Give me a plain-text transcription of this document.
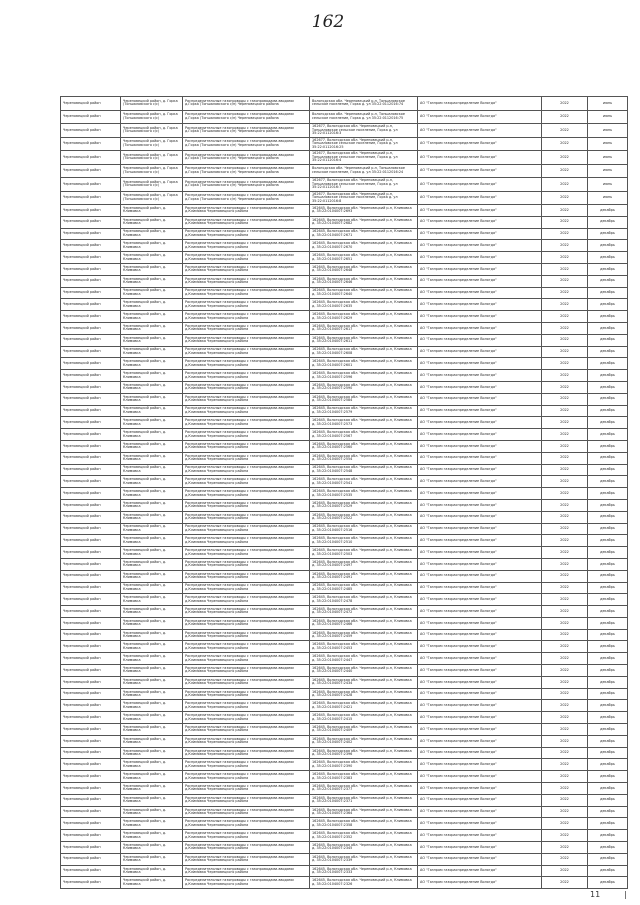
162
Череповецкий район	Череповецкий район, д. Горка (Тоншаловского с/с)	Распределительные газопроводы с газопроводами-вводами д.Горка (Тоншаловского с/п) Череповецкого района	Вологодская обл. Череповецкий р-н, Тоншаловское сельское поселение, Горка д. ул 35:22:0112016:74	АО "Газпром газораспределение Вологда"	2022	июнь
Череповецкий район	Череповецкий район, д. Горка (Тоншаловского с/с)	Распределительные газопроводы с газопроводами-вводами д.Горка (Тоншаловского с/п) Череповецкого района	Вологодская обл. Череповецкий р-н, Тоншаловское сельское поселение, Горка д. ул 35:22:0112016:75	АО "Газпром газораспределение Вологда"	2022	июнь
Череповецкий район	Череповецкий район, д. Горка (Тоншаловского с/с)	Распределительные газопроводы с газопроводами-вводами д.Горка (Тоншаловского с/п) Череповецкого района	162677, Вологодская обл. Череповецкий р-н, Тоншаловское сельское поселение, Горка д. ул 35:22:0112016:3	АО "Газпром газораспределение Вологда"	2022	июнь
Череповецкий район	Череповецкий район, д. Горка (Тоншаловского с/с)	Распределительные газопроводы с газопроводами-вводами д.Горка (Тоншаловского с/п) Череповецкого района	162677, Вологодская обл. Череповецкий р-н, Тоншаловское сельское поселение, Горка д. ул 35:22:0112016:25	АО "Газпром газораспределение Вологда"	2022	июнь
Череповецкий район	Череповецкий район, д. Горка (Тоншаловского с/с)	Распределительные газопроводы с газопроводами-вводами д.Горка (Тоншаловского с/п) Череповецкого района	162677, Вологодская обл. Череповецкий р-н, Тоншаловское сельское поселение, Горка д. ул 35:22:0112016:4	АО "Газпром газораспределение Вологда"	2022	июнь
Череповецкий район	Череповецкий район, д. Горка (Тоншаловского с/с)	Распределительные газопроводы с газопроводами-вводами д.Горка (Тоншаловского с/п) Череповецкого района	Вологодская обл. Череповецкий р-н, Тоншаловское сельское поселение, Горка д. ул 35:22:0112016:24	АО "Газпром газораспределение Вологда"	2022	июнь
Череповецкий район	Череповецкий район, д. Горка (Тоншаловского с/с)	Распределительные газопроводы с газопроводами-вводами д.Горка (Тоншаловского с/п) Череповецкого района	162677, Вологодская обл. Череповецкий р-н, Тоншаловское сельское поселение, Горка д. ул 35:22:0112016:7	АО "Газпром газораспределение Вологда"	2022	июнь
Череповецкий район	Череповецкий район, д. Горка (Тоншаловского с/с)	Распределительные газопроводы с газопроводами-вводами д.Горка (Тоншаловского с/п) Череповецкого района	162677, Вологодская обл. Череповецкий р-н, Тоншаловское сельское поселение, Горка д. ул 35:22:0112016:8	АО "Газпром газораспределение Вологда"	2022	июнь
Череповецкий район	Череповецкий район, д. Климовка	Распределительные газопроводы с газопроводами-вводами д.Климовка Череповецкого района	162645, Вологодская обл. Череповецкий р-н, Климовка д. 35:22:0104007:2693	АО "Газпром газораспределение Вологда"	2022	декабрь
Череповецкий район	Череповецкий район, д. Климовка	Распределительные газопроводы с газопроводами-вводами д.Климовка Череповецкого района	162645, Вологодская обл. Череповецкий р-н, Климовка д. 35:22:0104007:2682	АО "Газпром газораспределение Вологда"	2022	декабрь
Череповецкий район	Череповецкий район, д. Климовка	Распределительные газопроводы с газопроводами-вводами д.Климовка Череповецкого района	162645, Вологодская обл. Череповецкий р-н, Климовка д. 35:22:0104007:2671	АО "Газпром газораспределение Вологда"	2022	декабрь
Череповецкий район	Череповецкий район, д. Климовка	Распределительные газопроводы с газопроводами-вводами д.Климовка Череповецкого района	162645, Вологодская обл. Череповецкий р-н, Климовка д. 35:22:0104007:2670	АО "Газпром газораспределение Вологда"	2022	декабрь
Череповецкий район	Череповецкий район, д. Климовка	Распределительные газопроводы с газопроводами-вводами д.Климовка Череповецкого района	162645, Вологодская обл. Череповецкий р-н, Климовка д. 35:22:0104007:2651	АО "Газпром газораспределение Вологда"	2022	декабрь
Череповецкий район	Череповецкий район, д. Климовка	Распределительные газопроводы с газопроводами-вводами д.Климовка Череповецкого района	162645, Вологодская обл. Череповецкий р-н, Климовка д. 35:22:0104007:2648	АО "Газпром газораспределение Вологда"	2022	декабрь
Череповецкий район	Череповецкий район, д. Климовка	Распределительные газопроводы с газопроводами-вводами д.Климовка Череповецкого района	162645, Вологодская обл. Череповецкий р-н, Климовка д. 35:22:0104007:2646	АО "Газпром газораспределение Вологда"	2022	декабрь
Череповецкий район	Череповецкий район, д. Климовка	Распределительные газопроводы с газопроводами-вводами д.Климовка Череповецкого района	162645, Вологодская обл. Череповецкий р-н, Климовка д. 35:22:0104007:2640	АО "Газпром газораспределение Вологда"	2022	декабрь
Череповецкий район	Череповецкий район, д. Климовка	Распределительные газопроводы с газопроводами-вводами д.Климовка Череповецкого района	162645, Вологодская обл. Череповецкий р-н, Климовка д. 35:22:0104007:2635	АО "Газпром газораспределение Вологда"	2022	декабрь
Череповецкий район	Череповецкий район, д. Климовка	Распределительные газопроводы с газопроводами-вводами д.Климовка Череповецкого района	162645, Вологодская обл. Череповецкий р-н, Климовка д. 35:22:0104007:2629	АО "Газпром газораспределение Вологда"	2022	декабрь
Череповецкий район	Череповецкий район, д. Климовка	Распределительные газопроводы с газопроводами-вводами д.Климовка Череповецкого района	162645, Вологодская обл. Череповецкий р-н, Климовка д. 35:22:0104007:2617	АО "Газпром газораспределение Вологда"	2022	декабрь
Череповецкий район	Череповецкий район, д. Климовка	Распределительные газопроводы с газопроводами-вводами д.Климовка Череповецкого района	162645, Вологодская обл. Череповецкий р-н, Климовка д. 35:22:0104007:2611	АО "Газпром газораспределение Вологда"	2022	декабрь
Череповецкий район	Череповецкий район, д. Климовка	Распределительные газопроводы с газопроводами-вводами д.Климовка Череповецкого района	162645, Вологодская обл. Череповецкий р-н, Климовка д. 35:22:0104007:2608	АО "Газпром газораспределение Вологда"	2022	декабрь
Череповецкий район	Череповецкий район, д. Климовка	Распределительные газопроводы с газопроводами-вводами д.Климовка Череповецкого района	162645, Вологодская обл. Череповецкий р-н, Климовка д. 35:22:0104007:2601	АО "Газпром газораспределение Вологда"	2022	декабрь
Череповецкий район	Череповецкий район, д. Климовка	Распределительные газопроводы с газопроводами-вводами д.Климовка Череповецкого района	162645, Вологодская обл. Череповецкий р-н, Климовка д. 35:22:0104007:2596	АО "Газпром газораспределение Вологда"	2022	декабрь
Череповецкий район	Череповецкий район, д. Климовка	Распределительные газопроводы с газопроводами-вводами д.Климовка Череповецкого района	162645, Вологодская обл. Череповецкий р-н, Климовка д. 35:22:0104007:2590	АО "Газпром газораспределение Вологда"	2022	декабрь
Череповецкий район	Череповецкий район, д. Климовка	Распределительные газопроводы с газопроводами-вводами д.Климовка Череповецкого района	162645, Вологодская обл. Череповецкий р-н, Климовка д. 35:22:0104007:2584	АО "Газпром газораспределение Вологда"	2022	декабрь
Череповецкий район	Череповецкий район, д. Климовка	Распределительные газопроводы с газопроводами-вводами д.Климовка Череповецкого района	162645, Вологодская обл. Череповецкий р-н, Климовка д. 35:22:0104007:2579	АО "Газпром газораспределение Вологда"	2022	декабрь
Череповецкий район	Череповецкий район, д. Климовка	Распределительные газопроводы с газопроводами-вводами д.Климовка Череповецкого района	162645, Вологодская обл. Череповецкий р-н, Климовка д. 35:22:0104007:2573	АО "Газпром газораспределение Вологда"	2022	декабрь
Череповецкий район	Череповецкий район, д. Климовка	Распределительные газопроводы с газопроводами-вводами д.Климовка Череповецкого района	162645, Вологодская обл. Череповецкий р-н, Климовка д. 35:22:0104007:2567	АО "Газпром газораспределение Вологда"	2022	декабрь
Череповецкий район	Череповецкий район, д. Климовка	Распределительные газопроводы с газопроводами-вводами д.Климовка Череповецкого района	162645, Вологодская обл. Череповецкий р-н, Климовка д. 35:22:0104007:2560	АО "Газпром газораспределение Вологда"	2022	декабрь
Череповецкий район	Череповецкий район, д. Климовка	Распределительные газопроводы с газопроводами-вводами д.Климовка Череповецкого района	162645, Вологодская обл. Череповецкий р-н, Климовка д. 35:22:0104007:2554	АО "Газпром газораспределение Вологда"	2022	декабрь
Череповецкий район	Череповецкий район, д. Климовка	Распределительные газопроводы с газопроводами-вводами д.Климовка Череповецкого района	162645, Вологодская обл. Череповецкий р-н, Климовка д. 35:22:0104007:2548	АО "Газпром газораспределение Вологда"	2022	декабрь
Череповецкий район	Череповецкий район, д. Климовка	Распределительные газопроводы с газопроводами-вводами д.Климовка Череповецкого района	162645, Вологодская обл. Череповецкий р-н, Климовка д. 35:22:0104007:2541	АО "Газпром газораспределение Вологда"	2022	декабрь
Череповецкий район	Череповецкий район, д. Климовка	Распределительные газопроводы с газопроводами-вводами д.Климовка Череповецкого района	162645, Вологодская обл. Череповецкий р-н, Климовка д. 35:22:0104007:2535	АО "Газпром газораспределение Вологда"	2022	декабрь
Череповецкий район	Череповецкий район, д. Климовка	Распределительные газопроводы с газопроводами-вводами д.Климовка Череповецкого района	162645, Вологодская обл. Череповецкий р-н, Климовка д. 35:22:0104007:2529	АО "Газпром газораспределение Вологда"	2022	декабрь
Череповецкий район	Череповецкий район, д. Климовка	Распределительные газопроводы с газопроводами-вводами д.Климовка Череповецкого района	162645, Вологодская обл. Череповецкий р-н, Климовка д. 35:22:0104007:2522	АО "Газпром газораспределение Вологда"	2022	декабрь
Череповецкий район	Череповецкий район, д. Климовка	Распределительные газопроводы с газопроводами-вводами д.Климовка Череповецкого района	162645, Вологодская обл. Череповецкий р-н, Климовка д. 35:22:0104007:2516	АО "Газпром газораспределение Вологда"	2022	декабрь
Череповецкий район	Череповецкий район, д. Климовка	Распределительные газопроводы с газопроводами-вводами д.Климовка Череповецкого района	162645, Вологодская обл. Череповецкий р-н, Климовка д. 35:22:0104007:2510	АО "Газпром газораспределение Вологда"	2022	декабрь
Череповецкий район	Череповецкий район, д. Климовка	Распределительные газопроводы с газопроводами-вводами д.Климовка Череповецкого района	162645, Вологодская обл. Череповецкий р-н, Климовка д. 35:22:0104007:2503	АО "Газпром газораспределение Вологда"	2022	декабрь
Череповецкий район	Череповецкий район, д. Климовка	Распределительные газопроводы с газопроводами-вводами д.Климовка Череповецкого района	162645, Вологодская обл. Череповецкий р-н, Климовка д. 35:22:0104007:2497	АО "Газпром газораспределение Вологда"	2022	декабрь
Череповецкий район	Череповецкий район, д. Климовка	Распределительные газопроводы с газопроводами-вводами д.Климовка Череповецкого района	162645, Вологодская обл. Череповецкий р-н, Климовка д. 35:22:0104007:2491	АО "Газпром газораспределение Вологда"	2022	декабрь
Череповецкий район	Череповецкий район, д. Климовка	Распределительные газопроводы с газопроводами-вводами д.Климовка Череповецкого района	162645, Вологодская обл. Череповецкий р-н, Климовка д. 35:22:0104007:2485	АО "Газпром газораспределение Вологда"	2022	декабрь
Череповецкий район	Череповецкий район, д. Климовка	Распределительные газопроводы с газопроводами-вводами д.Климовка Череповецкого района	162645, Вологодская обл. Череповецкий р-н, Климовка д. 35:22:0104007:2478	АО "Газпром газораспределение Вологда"	2022	декабрь
Череповецкий район	Череповецкий район, д. Климовка	Распределительные газопроводы с газопроводами-вводами д.Климовка Череповецкого района	162645, Вологодская обл. Череповецкий р-н, Климовка д. 35:22:0104007:2472	АО "Газпром газораспределение Вологда"	2022	декабрь
Череповецкий район	Череповецкий район, д. Климовка	Распределительные газопроводы с газопроводами-вводами д.Климовка Череповецкого района	162645, Вологодская обл. Череповецкий р-н, Климовка д. 35:22:0104007:2466	АО "Газпром газораспределение Вологда"	2022	декабрь
Череповецкий район	Череповецкий район, д. Климовка	Распределительные газопроводы с газопроводами-вводами д.Климовка Череповецкого района	162645, Вологодская обл. Череповецкий р-н, Климовка д. 35:22:0104007:2459	АО "Газпром газораспределение Вологда"	2022	декабрь
Череповецкий район	Череповецкий район, д. Климовка	Распределительные газопроводы с газопроводами-вводами д.Климовка Череповецкого района	162645, Вологодская обл. Череповецкий р-н, Климовка д. 35:22:0104007:2453	АО "Газпром газораспределение Вологда"	2022	декабрь
Череповецкий район	Череповецкий район, д. Климовка	Распределительные газопроводы с газопроводами-вводами д.Климовка Череповецкого района	162645, Вологодская обл. Череповецкий р-н, Климовка д. 35:22:0104007:2447	АО "Газпром газораспределение Вологда"	2022	декабрь
Череповецкий район	Череповецкий район, д. Климовка	Распределительные газопроводы с газопроводами-вводами д.Климовка Череповецкого района	162645, Вологодская обл. Череповецкий р-н, Климовка д. 35:22:0104007:2440	АО "Газпром газораспределение Вологда"	2022	декабрь
Череповецкий район	Череповецкий район, д. Климовка	Распределительные газопроводы с газопроводами-вводами д.Климовка Череповецкого района	162645, Вологодская обл. Череповецкий р-н, Климовка д. 35:22:0104007:2434	АО "Газпром газораспределение Вологда"	2022	декабрь
Череповецкий район	Череповецкий район, д. Климовка	Распределительные газопроводы с газопроводами-вводами д.Климовка Череповецкого района	162645, Вологодская обл. Череповецкий р-н, Климовка д. 35:22:0104007:2428	АО "Газпром газораспределение Вологда"	2022	декабрь
Череповецкий район	Череповецкий район, д. Климовка	Распределительные газопроводы с газопроводами-вводами д.Климовка Череповецкого района	162645, Вологодская обл. Череповецкий р-н, Климовка д. 35:22:0104007:2421	АО "Газпром газораспределение Вологда"	2022	декабрь
Череповецкий район	Череповецкий район, д. Климовка	Распределительные газопроводы с газопроводами-вводами д.Климовка Череповецкого района	162645, Вологодская обл. Череповецкий р-н, Климовка д. 35:22:0104007:2415	АО "Газпром газораспределение Вологда"	2022	декабрь
Череповецкий район	Череповецкий район, д. Климовка	Распределительные газопроводы с газопроводами-вводами д.Климовка Череповецкого района	162645, Вологодская обл. Череповецкий р-н, Климовка д. 35:22:0104007:2409	АО "Газпром газораспределение Вологда"	2022	декабрь
Череповецкий район	Череповецкий район, д. Климовка	Распределительные газопроводы с газопроводами-вводами д.Климовка Череповецкого района	162645, Вологодская обл. Череповецкий р-н, Климовка д. 35:22:0104007:2402	АО "Газпром газораспределение Вологда"	2022	декабрь
Череповецкий район	Череповецкий район, д. Климовка	Распределительные газопроводы с газопроводами-вводами д.Климовка Череповецкого района	162645, Вологодская обл. Череповецкий р-н, Климовка д. 35:22:0104007:2396	АО "Газпром газораспределение Вологда"	2022	декабрь
Череповецкий район	Череповецкий район, д. Климовка	Распределительные газопроводы с газопроводами-вводами д.Климовка Череповецкого района	162645, Вологодская обл. Череповецкий р-н, Климовка д. 35:22:0104007:2390	АО "Газпром газораспределение Вологда"	2022	декабрь
Череповецкий район	Череповецкий район, д. Климовка	Распределительные газопроводы с газопроводами-вводами д.Климовка Череповецкого района	162645, Вологодская обл. Череповецкий р-н, Климовка д. 35:22:0104007:2383	АО "Газпром газораспределение Вологда"	2022	декабрь
Череповецкий район	Череповецкий район, д. Климовка	Распределительные газопроводы с газопроводами-вводами д.Климовка Череповецкого района	162645, Вологодская обл. Череповецкий р-н, Климовка д. 35:22:0104007:2377	АО "Газпром газораспределение Вологда"	2022	декабрь
Череповецкий район	Череповецкий район, д. Климовка	Распределительные газопроводы с газопроводами-вводами д.Климовка Череповецкого района	162645, Вологодская обл. Череповецкий р-н, Климовка д. 35:22:0104007:2371	АО "Газпром газораспределение Вологда"	2022	декабрь
Череповецкий район	Череповецкий район, д. Климовка	Распределительные газопроводы с газопроводами-вводами д.Климовка Череповецкого района	162645, Вологодская обл. Череповецкий р-н, Климовка д. 35:22:0104007:2364	АО "Газпром газораспределение Вологда"	2022	декабрь
Череповецкий район	Череповецкий район, д. Климовка	Распределительные газопроводы с газопроводами-вводами д.Климовка Череповецкого района	162645, Вологодская обл. Череповецкий р-н, Климовка д. 35:22:0104007:2358	АО "Газпром газораспределение Вологда"	2022	декабрь
Череповецкий район	Череповецкий район, д. Климовка	Распределительные газопроводы с газопроводами-вводами д.Климовка Череповецкого района	162645, Вологодская обл. Череповецкий р-н, Климовка д. 35:22:0104007:2352	АО "Газпром газораспределение Вологда"	2022	декабрь
Череповецкий район	Череповецкий район, д. Климовка	Распределительные газопроводы с газопроводами-вводами д.Климовка Череповецкого района	162645, Вологодская обл. Череповецкий р-н, Климовка д. 35:22:0104007:2345	АО "Газпром газораспределение Вологда"	2022	декабрь
Череповецкий район	Череповецкий район, д. Климовка	Распределительные газопроводы с газопроводами-вводами д.Климовка Череповецкого района	162645, Вологодская обл. Череповецкий р-н, Климовка д. 35:22:0104007:2339	АО "Газпром газораспределение Вологда"	2022	декабрь
Череповецкий район	Череповецкий район, д. Климовка	Распределительные газопроводы с газопроводами-вводами д.Климовка Череповецкого района	162645, Вологодская обл. Череповецкий р-н, Климовка д. 35:22:0104007:2333	АО "Газпром газораспределение Вологда"	2022	декабрь
Череповецкий район	Череповецкий район, д. Климовка	Распределительные газопроводы с газопроводами-вводами д.Климовка Череповецкого района	162645, Вологодская обл. Череповецкий р-н, Климовка д. 35:22:0104007:2326	АО "Газпром газораспределение Вологда"	2022	декабрь
11	|
